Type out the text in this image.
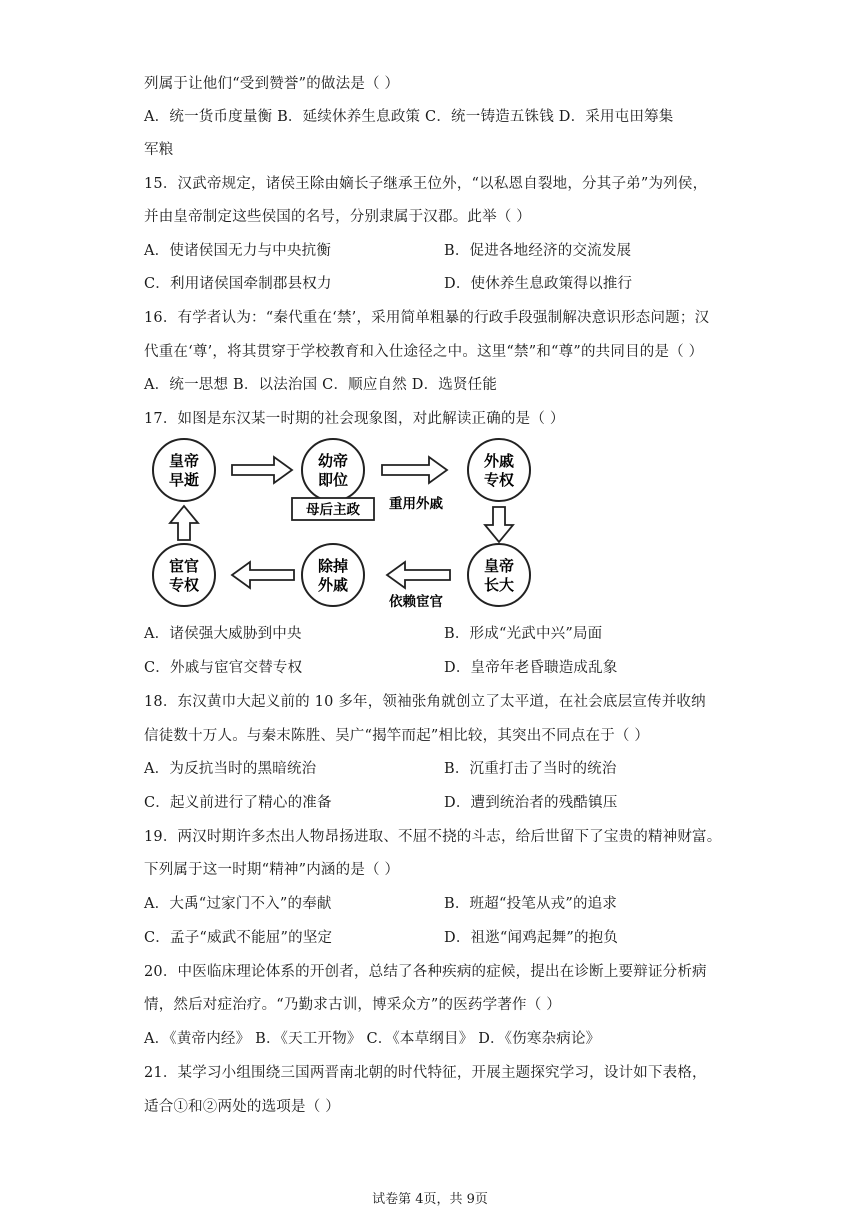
列属于让他们“受到赞誉”的做法是（ ）
A．统一货币度量衡 B．延续休养生息政策 C．统一铸造五铢钱 D．采用屯田筹集
军粮
15．汉武帝规定，诸侯王除由嫡长子继承王位外，“以私恩自裂地，分其子弟”为列侯，
并由皇帝制定这些侯国的名号，分别隶属于汉郡。此举（ ）
A．使诸侯国无力与中央抗衡	B．促进各地经济的交流发展
C．利用诸侯国牵制郡县权力	D．使休养生息政策得以推行
16．有学者认为：“秦代重在‘禁’，采用简单粗暴的行政手段强制解决意识形态问题；汉
代重在‘尊’，将其贯穿于学校教育和入仕途径之中。这里“禁”和“尊”的共同目的是（ ）
A．统一思想 B．以法治国 C．顺应自然 D．选贤任能
17．如图是东汉某一时期的社会现象图，对此解读正确的是（ ）
皇帝
早逝
幼帝
即位
母后主政
外戚
专权
皇帝
长大
除掉
外戚
宦官
专权
重用外戚
依赖宦官
A．诸侯强大威胁到中央	B．形成“光武中兴”局面
C．外戚与宦官交替专权	D．皇帝年老昏聩造成乱象
18．东汉黄巾大起义前的 10 多年，领袖张角就创立了太平道，在社会底层宣传并收纳
信徒数十万人。与秦末陈胜、吴广“揭竿而起”相比较，其突出不同点在于（ ）
A．为反抗当时的黑暗统治	B．沉重打击了当时的统治
C．起义前进行了精心的准备	D．遭到统治者的残酷镇压
19．两汉时期许多杰出人物昂扬进取、不屈不挠的斗志，给后世留下了宝贵的精神财富。
下列属于这一时期“精神”内涵的是（ ）
A．大禹“过家门不入”的奉献	B．班超“投笔从戎”的追求
C．孟子“威武不能屈”的坚定	D．祖逖“闻鸡起舞”的抱负
20．中医临床理论体系的开创者，总结了各种疾病的症候，提出在诊断上要辩证分析病
情，然后对症治疗。“乃勤求古训，博采众方”的医药学著作（ ）
A．《黄帝内经》 B．《天工开物》 C．《本草纲目》 D．《伤寒杂病论》
21．某学习小组围绕三国两晋南北朝的时代特征，开展主题探究学习，设计如下表格，
适合①和②两处的选项是（ ）
试卷第 4页，共 9页
